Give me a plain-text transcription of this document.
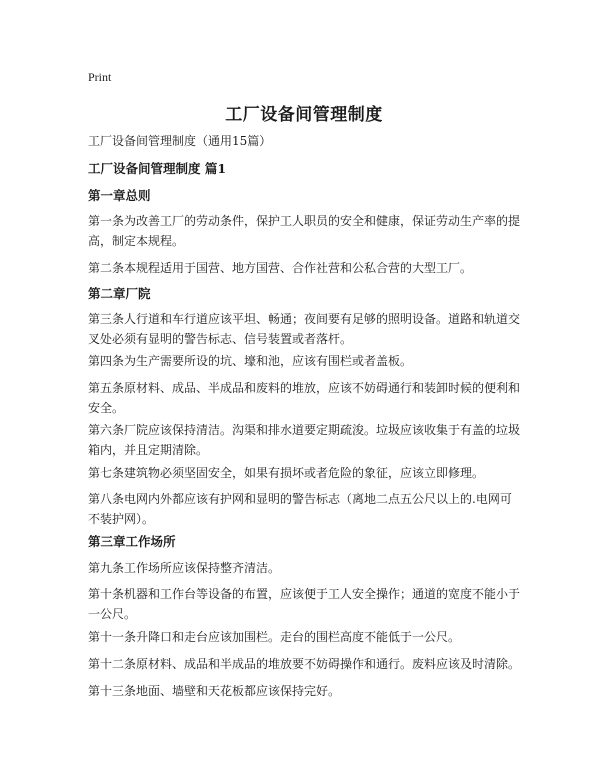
Print
工厂设备间管理制度
工厂设备间管理制度（通用15篇）
工厂设备间管理制度 篇1
第一章总则
第一条为改善工厂的劳动条件，保护工人职员的安全和健康，保证劳动生产率的提高，制定本规程。
第二条本规程适用于国营、地方国营、合作社营和公私合营的大型工厂。
第二章厂院
第三条人行道和车行道应该平坦、畅通；夜间要有足够的照明设备。道路和轨道交叉处必须有显明的警告标志、信号装置或者落杆。
第四条为生产需要所设的坑、壕和池，应该有围栏或者盖板。
第五条原材料、成品、半成品和废料的堆放，应该不妨碍通行和装卸时候的便利和安全。
第六条厂院应该保持清洁。沟渠和排水道要定期疏浚。垃圾应该收集于有盖的垃圾箱内，并且定期清除。
第七条建筑物必须坚固安全，如果有损坏或者危险的象征，应该立即修理。
第八条电网内外都应该有护网和显明的警告标志（离地二点五公尺以上的.电网可不装护网）。
第三章工作场所
第九条工作场所应该保持整齐清洁。
第十条机器和工作台等设备的布置，应该便于工人安全操作；通道的宽度不能小于一公尺。
第十一条升降口和走台应该加围栏。走台的围栏高度不能低于一公尺。
第十二条原材料、成品和半成品的堆放要不妨碍操作和通行。废料应该及时清除。
第十三条地面、墙壁和天花板都应该保持完好。
